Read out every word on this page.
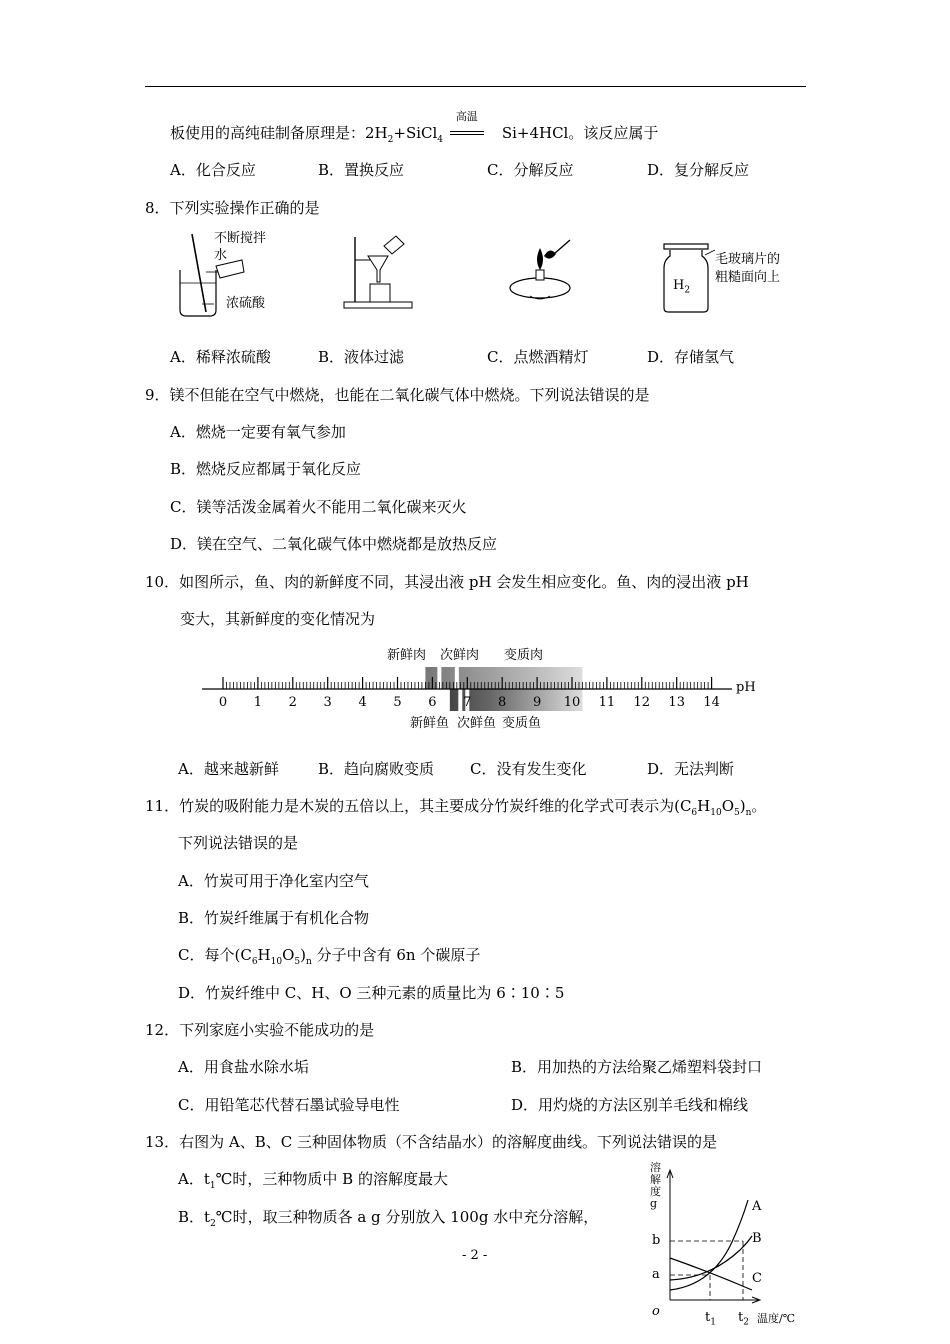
板使用的高纯硅制备原理是：$2H_2+SiCl_4$
高温
Si+4HCl。该反应属于
A．化合反应	B．置换反应	C．分解反应	D．复分解反应
8．下列实验操作正确的是
不断搅拌
水
浓硫酸
$H_2$
毛玻璃片的
粗糙面向上
A．稀释浓硫酸	B．液体过滤	C．点燃酒精灯	D．存储氢气
9．镁不但能在空气中燃烧，也能在二氧化碳气体中燃烧。下列说法错误的是
A．燃烧一定要有氧气参加
B．燃烧反应都属于氧化反应
C．镁等活泼金属着火不能用二氧化碳来灭火
D．镁在空气、二氧化碳气体中燃烧都是放热反应
10．如图所示，鱼、肉的新鲜度不同，其浸出液 pH 会发生相应变化。鱼、肉的浸出液 pH
变大，其新鲜度的变化情况为
新鲜肉 次鲜肉 变质肉
0 1 2 3 4 5 6 7 8 9 10 11 12 13 14
pH
新鲜鱼 次鲜鱼 变质鱼
A．越来越新鲜	B．趋向腐败变质 C．没有发生变化	D．无法判断
11．竹炭的吸附能力是木炭的五倍以上，其主要成分竹炭纤维的化学式可表示为$(C_6H_{10}O_5)_n$。
下列说法错误的是
A．竹炭可用于净化室内空气
B．竹炭纤维属于有机化合物
C．每个$(C_6H_{10}O_5)_n$ 分子中含有 6n 个碳原子
D．竹炭纤维中 C、H、O 三种元素的质量比为 6∶10∶5
12．下列家庭小实验不能成功的是
A．用食盐水除水垢	B．用加热的方法给聚乙烯塑料袋封口
C．用铅笔芯代替石墨试验导电性	D．用灼烧的方法区别羊毛线和棉线
13．右图为 A、B、C 三种固体物质（不含结晶水）的溶解度曲线。下列说法错误的是
A．$t_1℃$时，三种物质中 B 的溶解度最大
B．$t_2℃$时，取三种物质各 a g 分别放入 100g 水中充分溶解，
溶
解
度
g
b
a
o	$t_1$ $t_2$ 温度/℃
A
B
C
- 2 -
